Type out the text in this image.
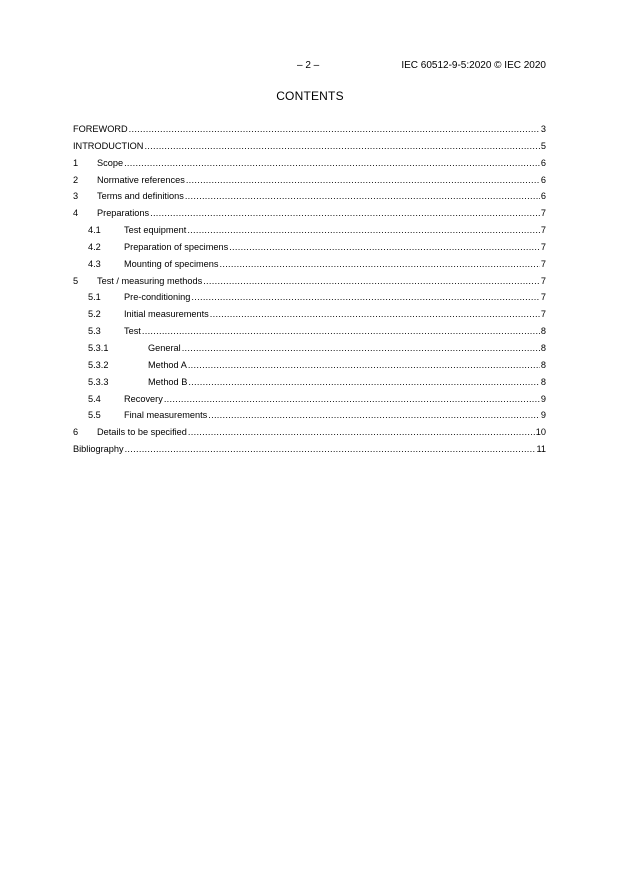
– 2 –	IEC 60512-9-5:2020 © IEC 2020
CONTENTS
FOREWORD .....	3
INTRODUCTION .....	5
1	Scope .....	6
2	Normative references .....	6
3	Terms and definitions .....	6
4	Preparations .....	7
4.1	Test equipment .....	7
4.2	Preparation of specimens .....	7
4.3	Mounting of specimens .....	7
5	Test / measuring methods .....	7
5.1	Pre-conditioning .....	7
5.2	Initial measurements .....	7
5.3	Test .....	8
5.3.1	General .....	8
5.3.2	Method A .....	8
5.3.3	Method B .....	8
5.4	Recovery .....	9
5.5	Final measurements .....	9
6	Details to be specified .....	10
Bibliography .....	11
